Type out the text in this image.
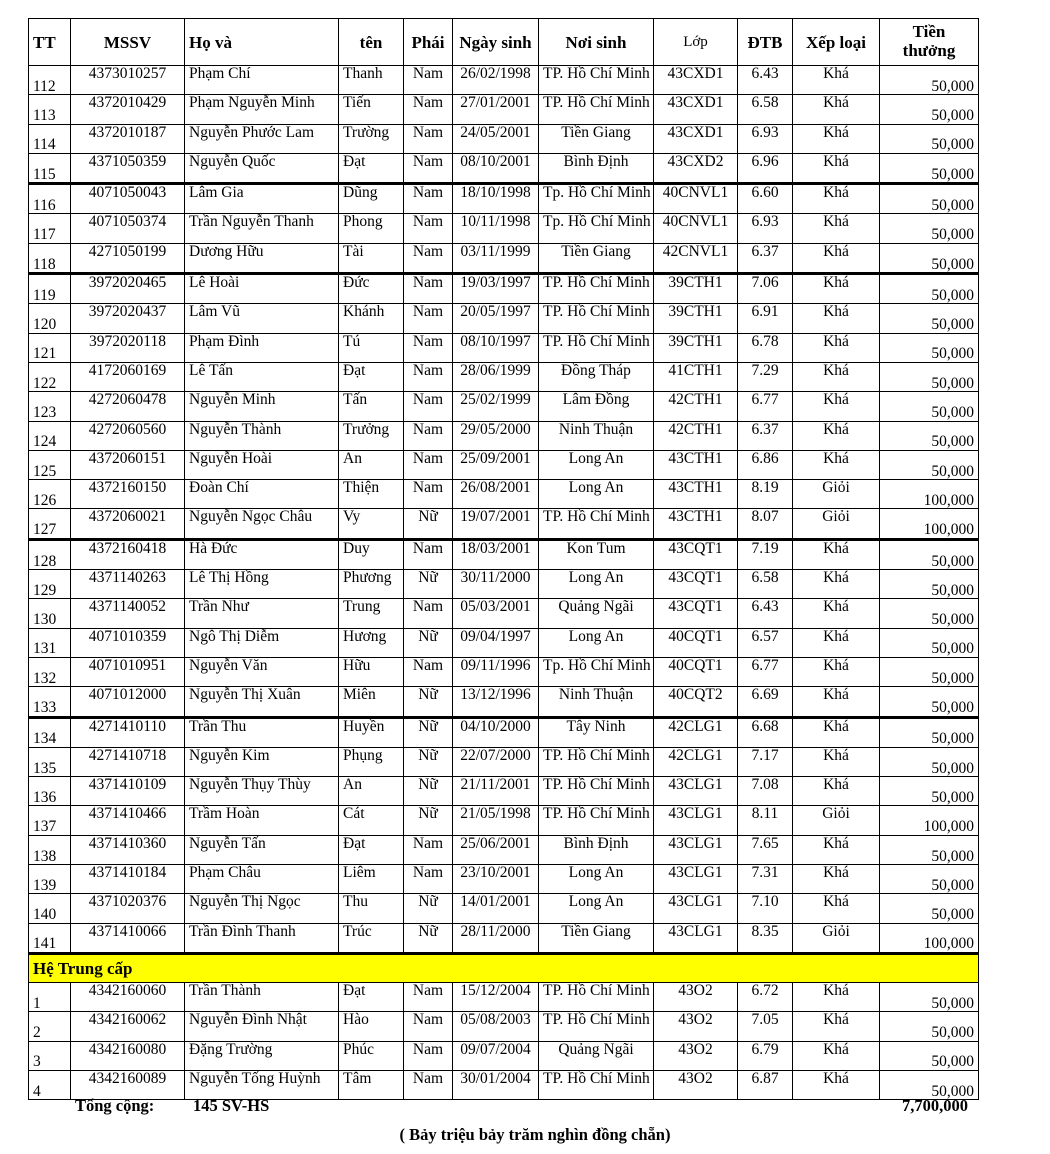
TT	MSSV	Họ và	tên	Phái	Ngày sinh	Nơi sinh	Lớp	ĐTB	Xếp loại	Tiền
thưởng
112	4373010257	Phạm Chí	Thanh	Nam	26/02/1998	TP. Hồ Chí Minh	43CXD1	6.43	Khá	50,000
113	4372010429	Phạm Nguyễn Minh	Tiến	Nam	27/01/2001	TP. Hồ Chí Minh	43CXD1	6.58	Khá	50,000
114	4372010187	Nguyễn Phước Lam	Trường	Nam	24/05/2001	Tiền Giang	43CXD1	6.93	Khá	50,000
115	4371050359	Nguyễn Quốc	Đạt	Nam	08/10/2001	Bình Định	43CXD2	6.96	Khá	50,000
116	4071050043	Lâm Gia	Dũng	Nam	18/10/1998	Tp. Hồ Chí Minh	40CNVL1	6.60	Khá	50,000
117	4071050374	Trần Nguyễn Thanh	Phong	Nam	10/11/1998	Tp. Hồ Chí Minh	40CNVL1	6.93	Khá	50,000
118	4271050199	Dương Hữu	Tài	Nam	03/11/1999	Tiền Giang	42CNVL1	6.37	Khá	50,000
119	3972020465	Lê Hoài	Đức	Nam	19/03/1997	TP. Hồ Chí Minh	39CTH1	7.06	Khá	50,000
120	3972020437	Lâm Vũ	Khánh	Nam	20/05/1997	TP. Hồ Chí Minh	39CTH1	6.91	Khá	50,000
121	3972020118	Phạm Đình	Tú	Nam	08/10/1997	TP. Hồ Chí Minh	39CTH1	6.78	Khá	50,000
122	4172060169	Lê Tấn	Đạt	Nam	28/06/1999	Đồng Tháp	41CTH1	7.29	Khá	50,000
123	4272060478	Nguyễn Minh	Tấn	Nam	25/02/1999	Lâm Đồng	42CTH1	6.77	Khá	50,000
124	4272060560	Nguyễn Thành	Trưởng	Nam	29/05/2000	Ninh Thuận	42CTH1	6.37	Khá	50,000
125	4372060151	Nguyễn Hoài	An	Nam	25/09/2001	Long An	43CTH1	6.86	Khá	50,000
126	4372160150	Đoàn Chí	Thiện	Nam	26/08/2001	Long An	43CTH1	8.19	Giỏi	100,000
127	4372060021	Nguyễn Ngọc Châu	Vy	Nữ	19/07/2001	TP. Hồ Chí Minh	43CTH1	8.07	Giỏi	100,000
128	4372160418	Hà Đức	Duy	Nam	18/03/2001	Kon Tum	43CQT1	7.19	Khá	50,000
129	4371140263	Lê Thị Hồng	Phương	Nữ	30/11/2000	Long An	43CQT1	6.58	Khá	50,000
130	4371140052	Trần Như	Trung	Nam	05/03/2001	Quảng Ngãi	43CQT1	6.43	Khá	50,000
131	4071010359	Ngô Thị Diễm	Hương	Nữ	09/04/1997	Long An	40CQT1	6.57	Khá	50,000
132	4071010951	Nguyễn Văn	Hữu	Nam	09/11/1996	Tp. Hồ Chí Minh	40CQT1	6.77	Khá	50,000
133	4071012000	Nguyễn Thị Xuân	Miên	Nữ	13/12/1996	Ninh Thuận	40CQT2	6.69	Khá	50,000
134	4271410110	Trần Thu	Huyền	Nữ	04/10/2000	Tây Ninh	42CLG1	6.68	Khá	50,000
135	4271410718	Nguyễn Kim	Phụng	Nữ	22/07/2000	TP. Hồ Chí Minh	42CLG1	7.17	Khá	50,000
136	4371410109	Nguyễn Thụy Thùy	An	Nữ	21/11/2001	TP. Hồ Chí Minh	43CLG1	7.08	Khá	50,000
137	4371410466	Trầm Hoàn	Cát	Nữ	21/05/1998	TP. Hồ Chí Minh	43CLG1	8.11	Giỏi	100,000
138	4371410360	Nguyễn Tấn	Đạt	Nam	25/06/2001	Bình Định	43CLG1	7.65	Khá	50,000
139	4371410184	Phạm Châu	Liêm	Nam	23/10/2001	Long An	43CLG1	7.31	Khá	50,000
140	4371020376	Nguyễn Thị Ngọc	Thu	Nữ	14/01/2001	Long An	43CLG1	7.10	Khá	50,000
141	4371410066	Trần Đình Thanh	Trúc	Nữ	28/11/2000	Tiền Giang	43CLG1	8.35	Giỏi	100,000
Hệ Trung cấp										
1	4342160060	Trần Thành	Đạt	Nam	15/12/2004	TP. Hồ Chí Minh	43O2	6.72	Khá	50,000
2	4342160062	Nguyễn Đình Nhật	Hào	Nam	05/08/2003	TP. Hồ Chí Minh	43O2	7.05	Khá	50,000
3	4342160080	Đặng Trường	Phúc	Nam	09/07/2004	Quảng Ngãi	43O2	6.79	Khá	50,000
4	4342160089	Nguyễn Tống Huỳnh	Tâm	Nam	30/01/2004	TP. Hồ Chí Minh	43O2	6.87	Khá	50,000
Tổng cộng: 145 SV-HS	7,700,000
( Bảy triệu bảy trăm nghìn đồng chẵn)
